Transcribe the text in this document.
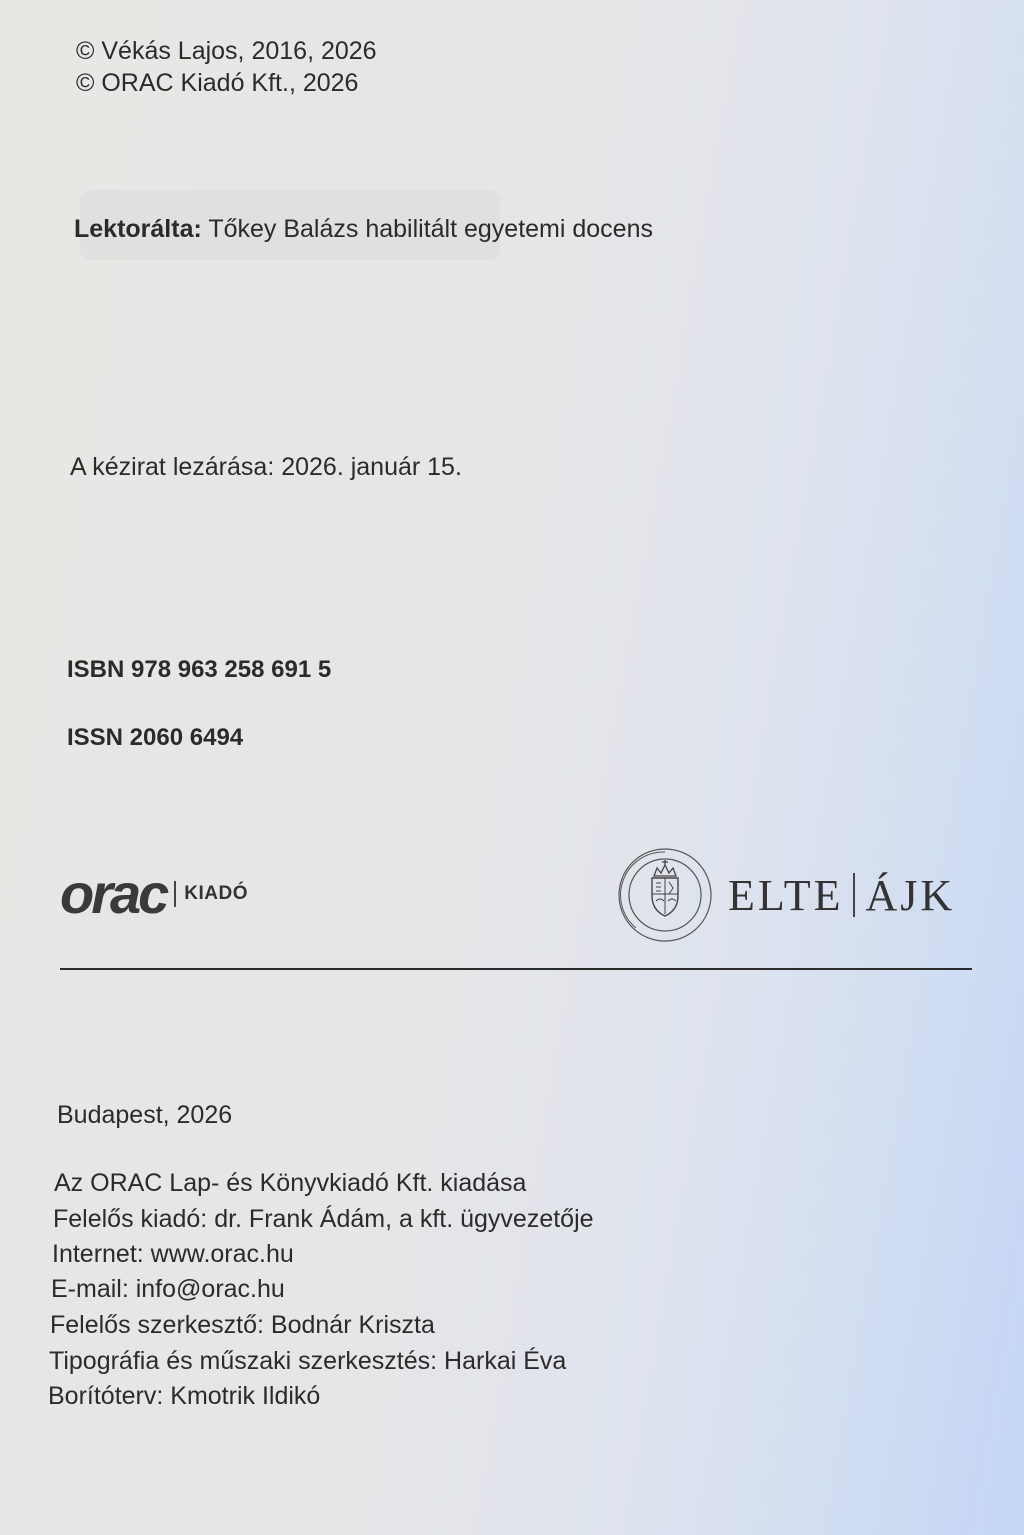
© Vékás Lajos, 2016, 2026
© ORAC Kiadó Kft., 2026
Lektorálta: Tőkey Balázs habilitált egyetemi docens
A kézirat lezárása: 2026. január 15.
ISBN 978 963 258 691 5
ISSN 2060 6494
orac KIADÓ	ELTE ÁJK
Budapest, 2026
Az ORAC Lap- és Könyvkiadó Kft. kiadása
Felelős kiadó: dr. Frank Ádám, a kft. ügyvezetője
Internet: www.orac.hu
E-mail: info@orac.hu
Felelős szerkesztő: Bodnár Kriszta
Tipográfia és műszaki szerkesztés: Harkai Éva
Borítóterv: Kmotrik Ildikó
